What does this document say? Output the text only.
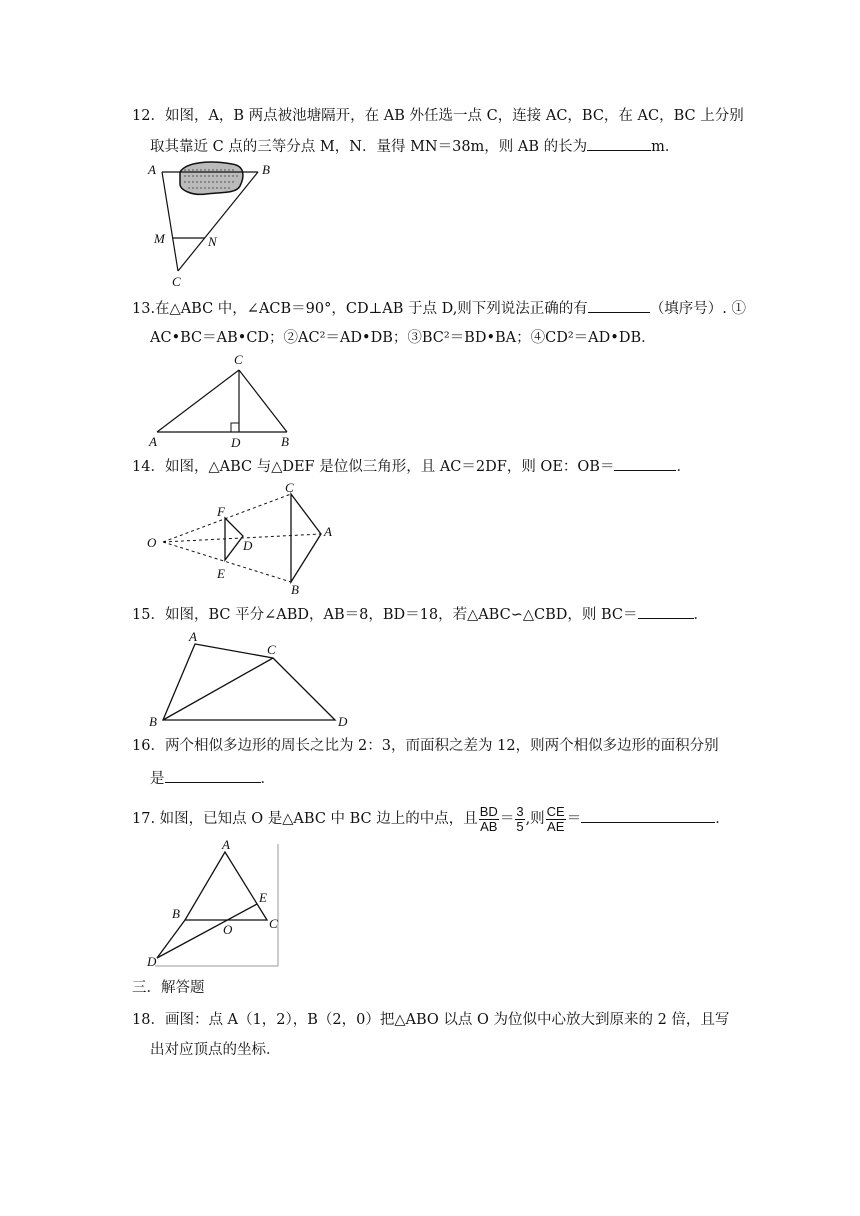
12．如图，A，B 两点被池塘隔开，在 AB 外任选一点 C，连接 AC，BC，在 AC，BC 上分别
取其靠近 C 点的三等分点 M，N．量得 MN＝38m，则 AB 的长为	m．
A	B
M	N
C
13.在△ABC 中，∠ACB＝90°，CD⊥AB 于点 D,则下列说法正确的有	（填序号）. ①
AC•BC＝AB•CD；②AC²＝AD•DB；③BC²＝BD•BA；④CD²＝AD•DB．
A	B
C
D
14．如图，△ABC 与△DEF 是位似三角形，且 AC＝2DF，则 OE：OB＝	．
O
F
D
E
C
A
B
15．如图，BC 平分∠ABD，AB＝8，BD＝18，若△ABC∽△CBD，则 BC＝	．
A
C
B	D
16．两个相似多边形的周长之比为 2：3，而面积之差为 12，则两个相似多边形的面积分别
是	．
17. 如图，已知点 O 是△ABC 中 BC 边上的中点，且 $\frac{BD}{AB} = \frac{3}{5}$ ,则 $\frac{CE}{AE}$ ＝	．
A
E
B
C
O
D
三．解答题
18．画图：点 A（1，2），B（2，0）把△ABO 以点 O 为位似中心放大到原来的 2 倍，且写
出对应顶点的坐标．
